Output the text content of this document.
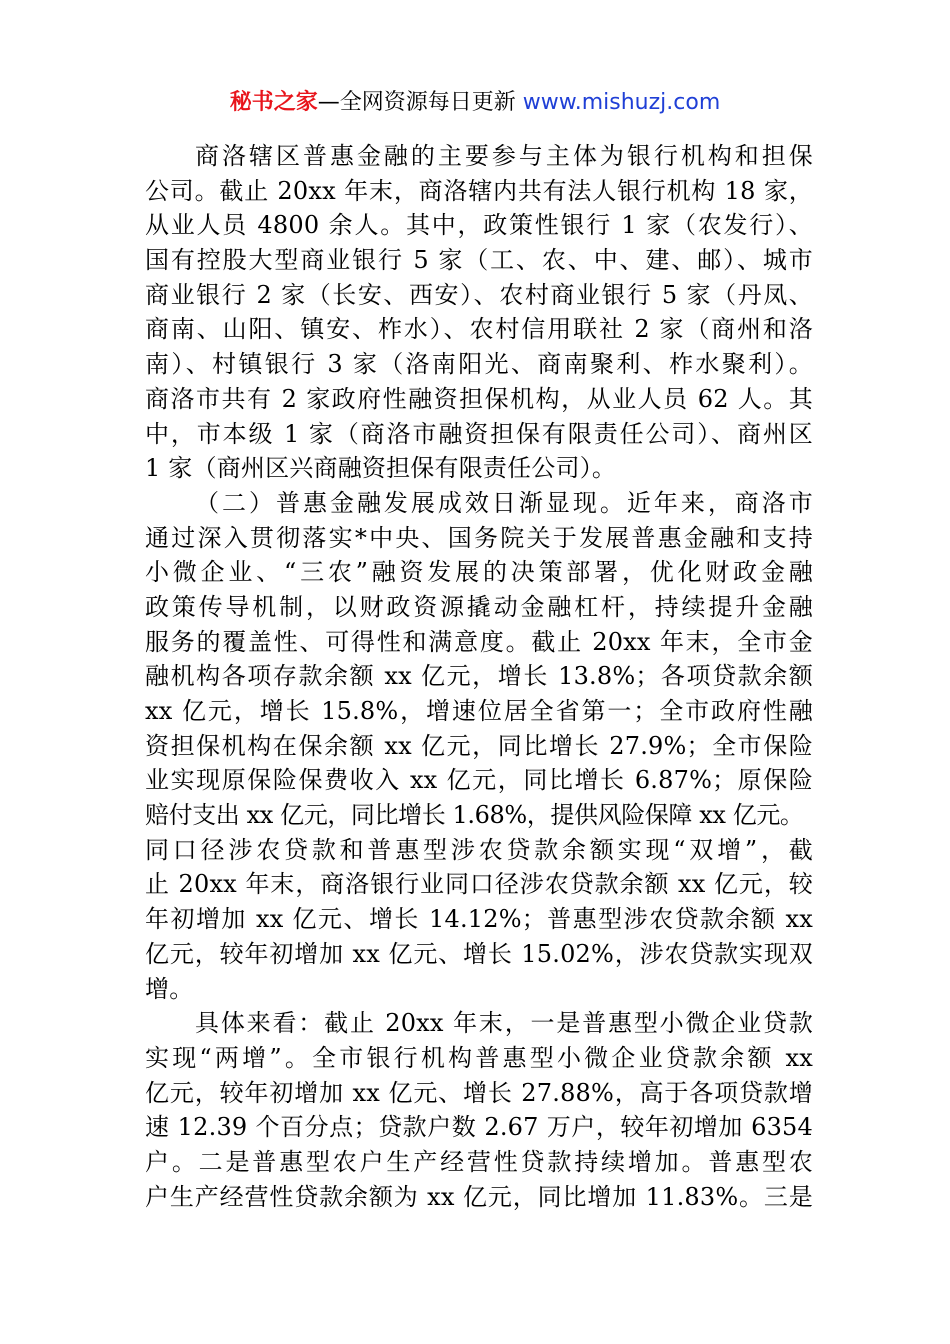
秘书之家—全网资源每日更新 www.mishuzj.com
商洛辖区普惠金融的主要参与主体为银行机构和担保
公司。截止 20xx 年末，商洛辖内共有法人银行机构 18 家，
从业人员 4800 余人。其中，政策性银行 1 家（农发行）、
国有控股大型商业银行 5 家（工、农、中、建、邮）、城市
商业银行 2 家（长安、西安）、农村商业银行 5 家（丹凤、
商南、山阳、镇安、柞水）、农村信用联社 2 家（商州和洛
南）、村镇银行 3 家（洛南阳光、商南聚利、柞水聚利）。
商洛市共有 2 家政府性融资担保机构，从业人员 62 人。其
中，市本级 1 家（商洛市融资担保有限责任公司）、商州区
1 家（商州区兴商融资担保有限责任公司）。
（二）普惠金融发展成效日渐显现。近年来，商洛市
通过深入贯彻落实*中央、国务院关于发展普惠金融和支持
小微企业、“三农”融资发展的决策部署，优化财政金融
政策传导机制，以财政资源撬动金融杠杆，持续提升金融
服务的覆盖性、可得性和满意度。截止 20xx 年末，全市金
融机构各项存款余额 xx 亿元，增长 13.8%；各项贷款余额
xx 亿元，增长 15.8%，增速位居全省第一；全市政府性融
资担保机构在保余额 xx 亿元，同比增长 27.9%；全市保险
业实现原保险保费收入 xx 亿元，同比增长 6.87%；原保险
赔付支出 xx 亿元，同比增长 1.68%，提供风险保障 xx 亿元。
同口径涉农贷款和普惠型涉农贷款余额实现“双增”，截
止 20xx 年末，商洛银行业同口径涉农贷款余额 xx 亿元，较
年初增加 xx 亿元、增长 14.12%；普惠型涉农贷款余额 xx
亿元，较年初增加 xx 亿元、增长 15.02%，涉农贷款实现双
增。
具体来看：截止 20xx 年末，一是普惠型小微企业贷款
实现“两增”。全市银行机构普惠型小微企业贷款余额 xx
亿元，较年初增加 xx 亿元、增长 27.88%，高于各项贷款增
速 12.39 个百分点；贷款户数 2.67 万户，较年初增加 6354
户。二是普惠型农户生产经营性贷款持续增加。普惠型农
户生产经营性贷款余额为 xx 亿元，同比增加 11.83%。三是
